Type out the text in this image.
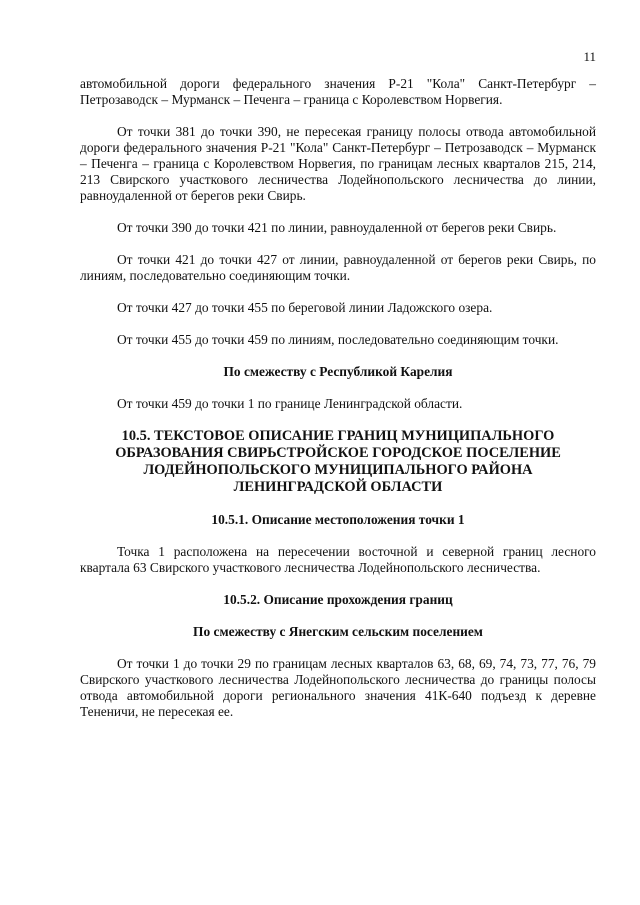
11

автомобильной дороги федерального значения Р-21 "Кола" Санкт-Петербург – Петрозаводск – Мурманск – Печенга – граница с Королевством Норвегия.

От точки 381 до точки 390, не пересекая границу полосы отвода автомобильной дороги федерального значения Р-21 "Кола" Санкт-Петербург – Петрозаводск – Мурманск – Печенга – граница с Королевством Норвегия, по границам лесных кварталов 215, 214, 213 Свирского участкового лесничества Лодейнопольского лесничества до линии, равноудаленной от берегов реки Свирь.

От точки 390 до точки 421 по линии, равноудаленной от берегов реки Свирь.

От точки 421 до точки 427 от линии, равноудаленной от берегов реки Свирь, по линиям, последовательно соединяющим точки.

От точки 427 до точки 455 по береговой линии Ладожского озера.

От точки 455 до точки 459 по линиям, последовательно соединяющим точки.

По смежеству с Республикой Карелия

От точки 459 до точки 1 по границе Ленинградской области.

10.5. ТЕКСТОВОЕ ОПИСАНИЕ ГРАНИЦ МУНИЦИПАЛЬНОГО ОБРАЗОВАНИЯ СВИРЬСТРОЙСКОЕ ГОРОДСКОЕ ПОСЕЛЕНИЕ ЛОДЕЙНОПОЛЬСКОГО МУНИЦИПАЛЬНОГО РАЙОНА ЛЕНИНГРАДСКОЙ ОБЛАСТИ

10.5.1. Описание местоположения точки 1

Точка 1 расположена на пересечении восточной и северной границ лесного квартала 63 Свирского участкового лесничества Лодейнопольского лесничества.

10.5.2. Описание прохождения границ

По смежеству с Янегским сельским поселением

От точки 1 до точки 29 по границам лесных кварталов 63, 68, 69, 74, 73, 77, 76, 79 Свирского участкового лесничества Лодейнопольского лесничества до границы полосы отвода автомобильной дороги регионального значения 41К-640 подъезд к деревне Тененичи, не пересекая ее.
